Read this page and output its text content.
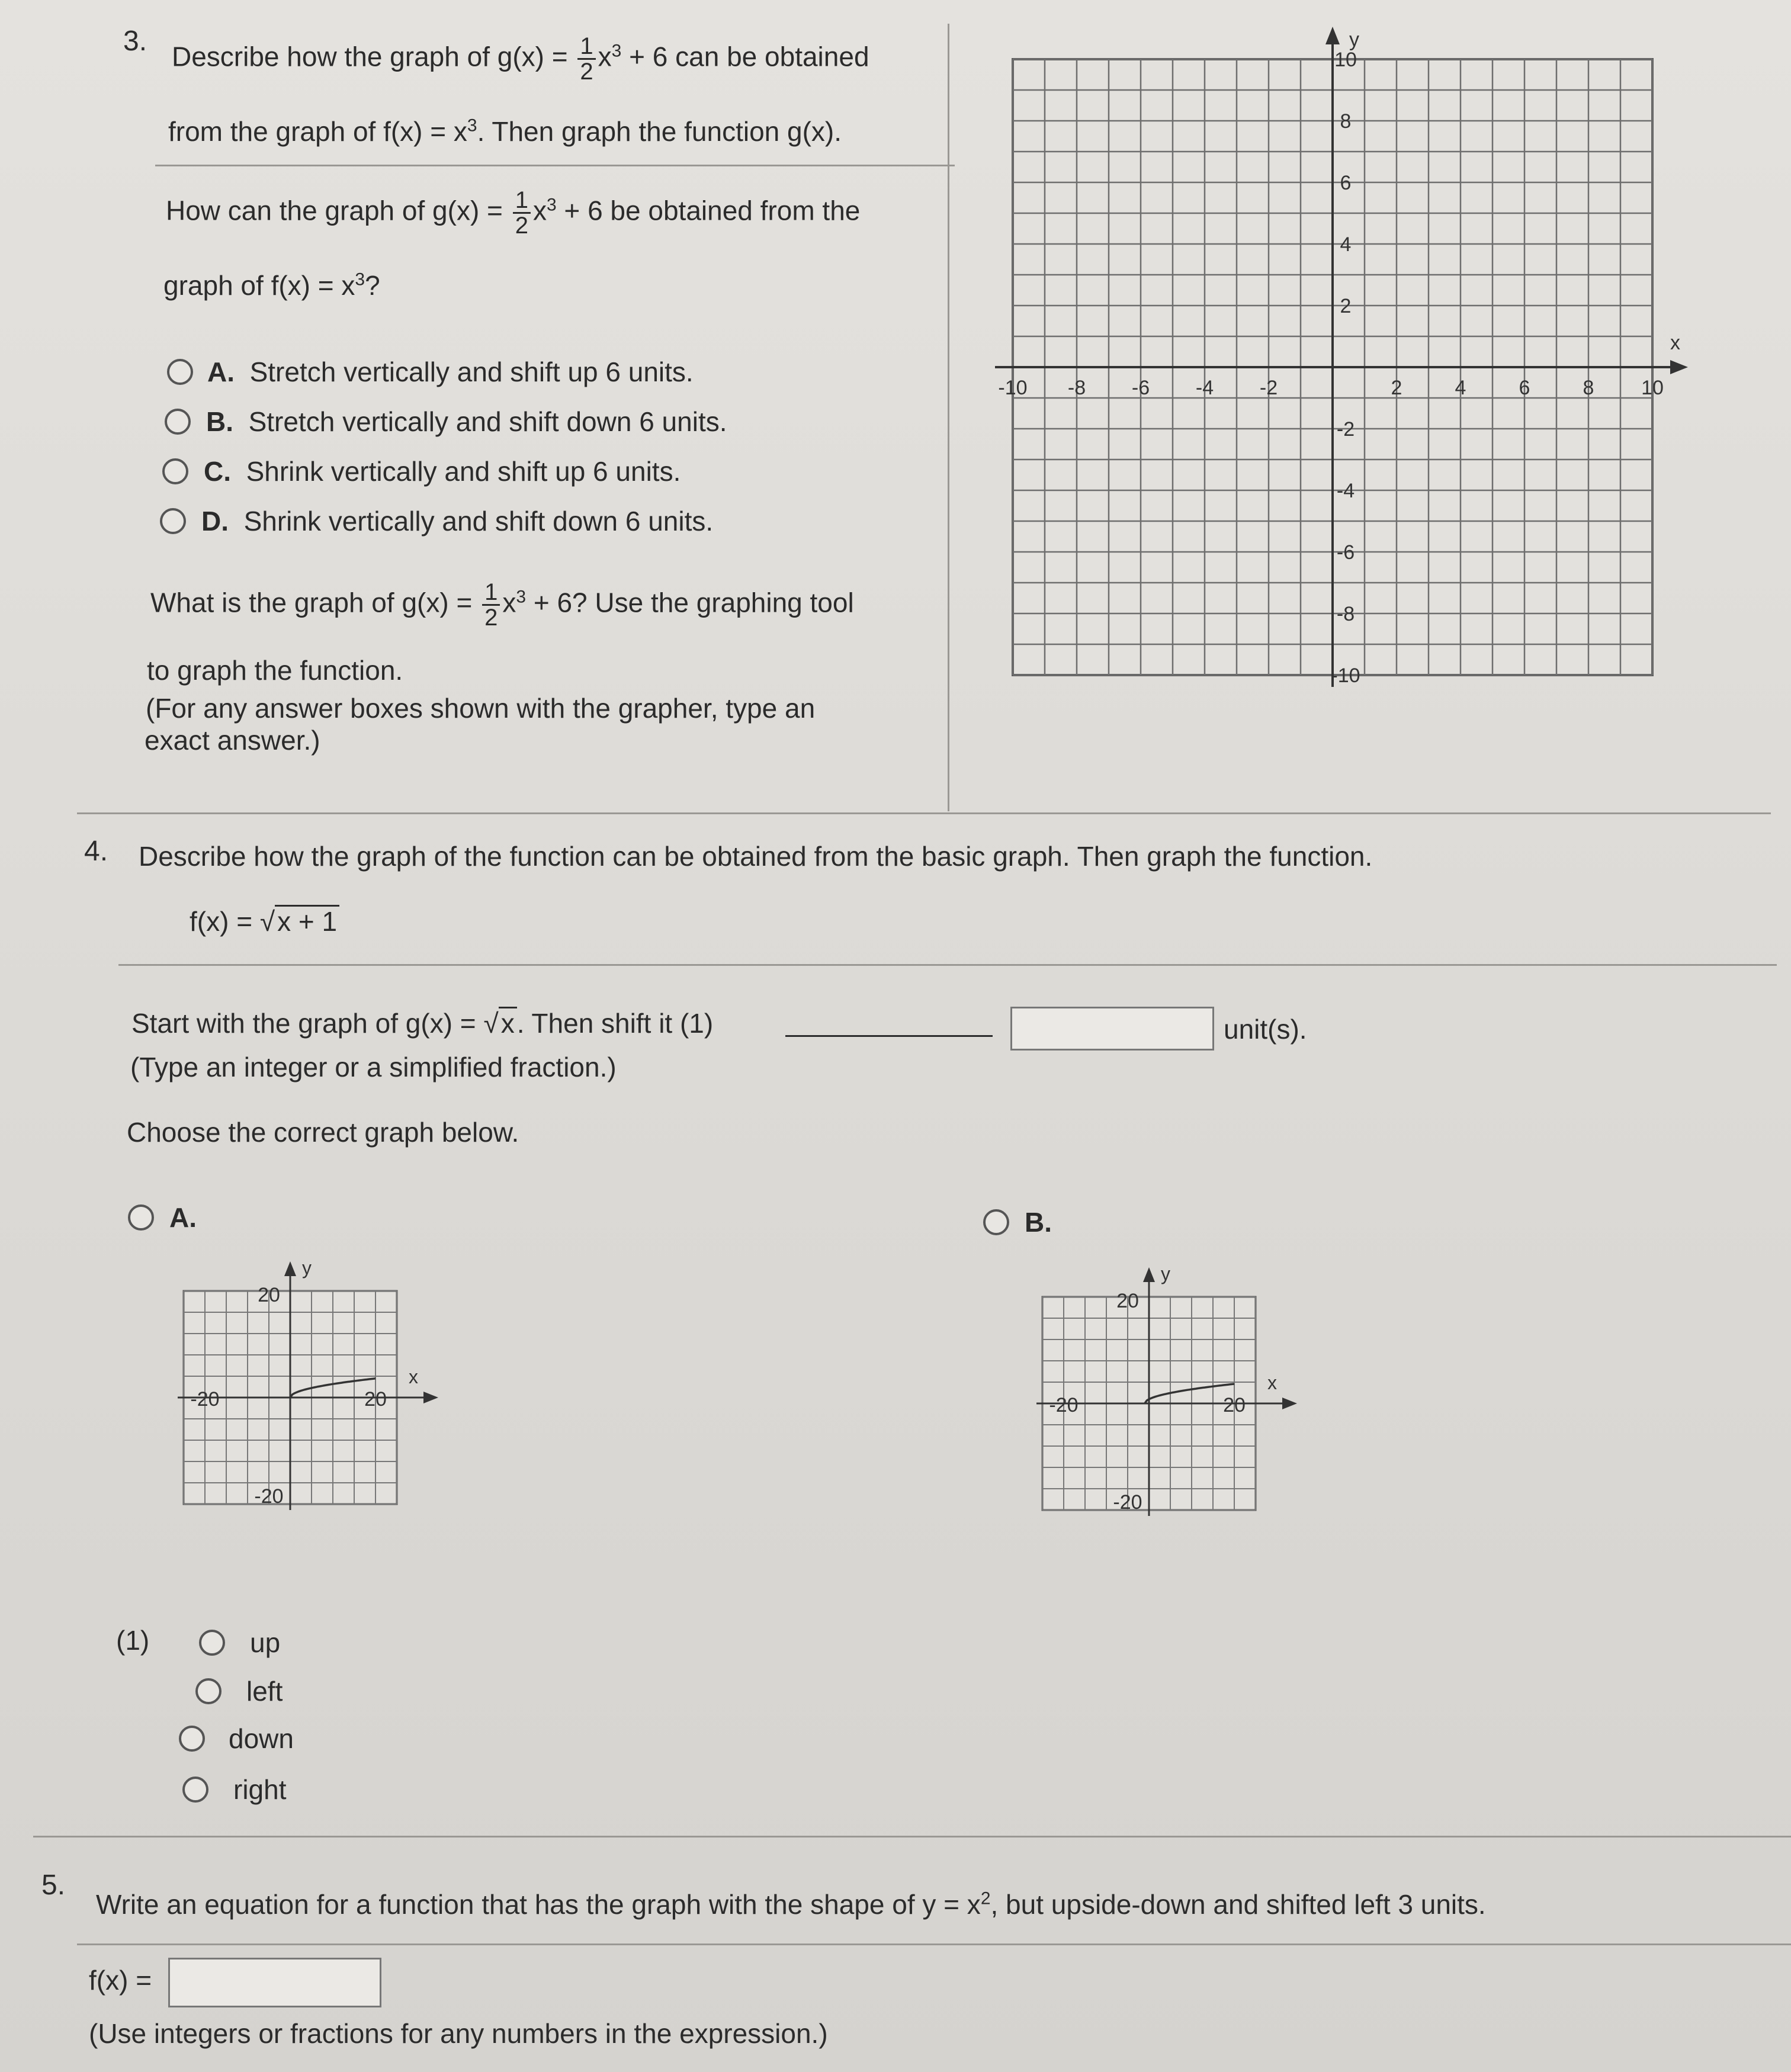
3. Describe how the graph of $g(x) = \frac{1}{2} x^3 + 6$ can be obtained
from the graph of $f(x) = x^3$. Then graph the function g(x).
How can the graph of $g(x) = \frac{1}{2} x^3 + 6$ be obtained from the
graph of $f(x) = x^3$?
A. Stretch vertically and shift up 6 units.
B. Stretch vertically and shift down 6 units.
C. Shrink vertically and shift up 6 units.
D. Shrink vertically and shift down 6 units.
What is the graph of $g(x) = \frac{1}{2} x^3 + 6$? Use the graphing tool
to graph the function.
(For any answer boxes shown with the grapher, type an
exact answer.)
y
x
-10 -8 -6 -4 -2	2	4	6	8 10
10
8
6
4
2
-2
-4
-6
-8
-10
4. Describe how the graph of the function can be obtained from the basic graph. Then graph the function.
f(x) = √x + 1
Start with the graph of g(x) = √x. Then shift it (1)	unit(s).
(Type an integer or a simplified fraction.)
Choose the correct graph below.
A.	B.
y
x
20
-20	20
-20
y
x
20
-20	20
-20
(1)	up
left
down
right
5.
Write an equation for a function that has the graph with the shape of $y = x^2$, but upside-down and shifted left 3 units.
f(x) =
(Use integers or fractions for any numbers in the expression.)
